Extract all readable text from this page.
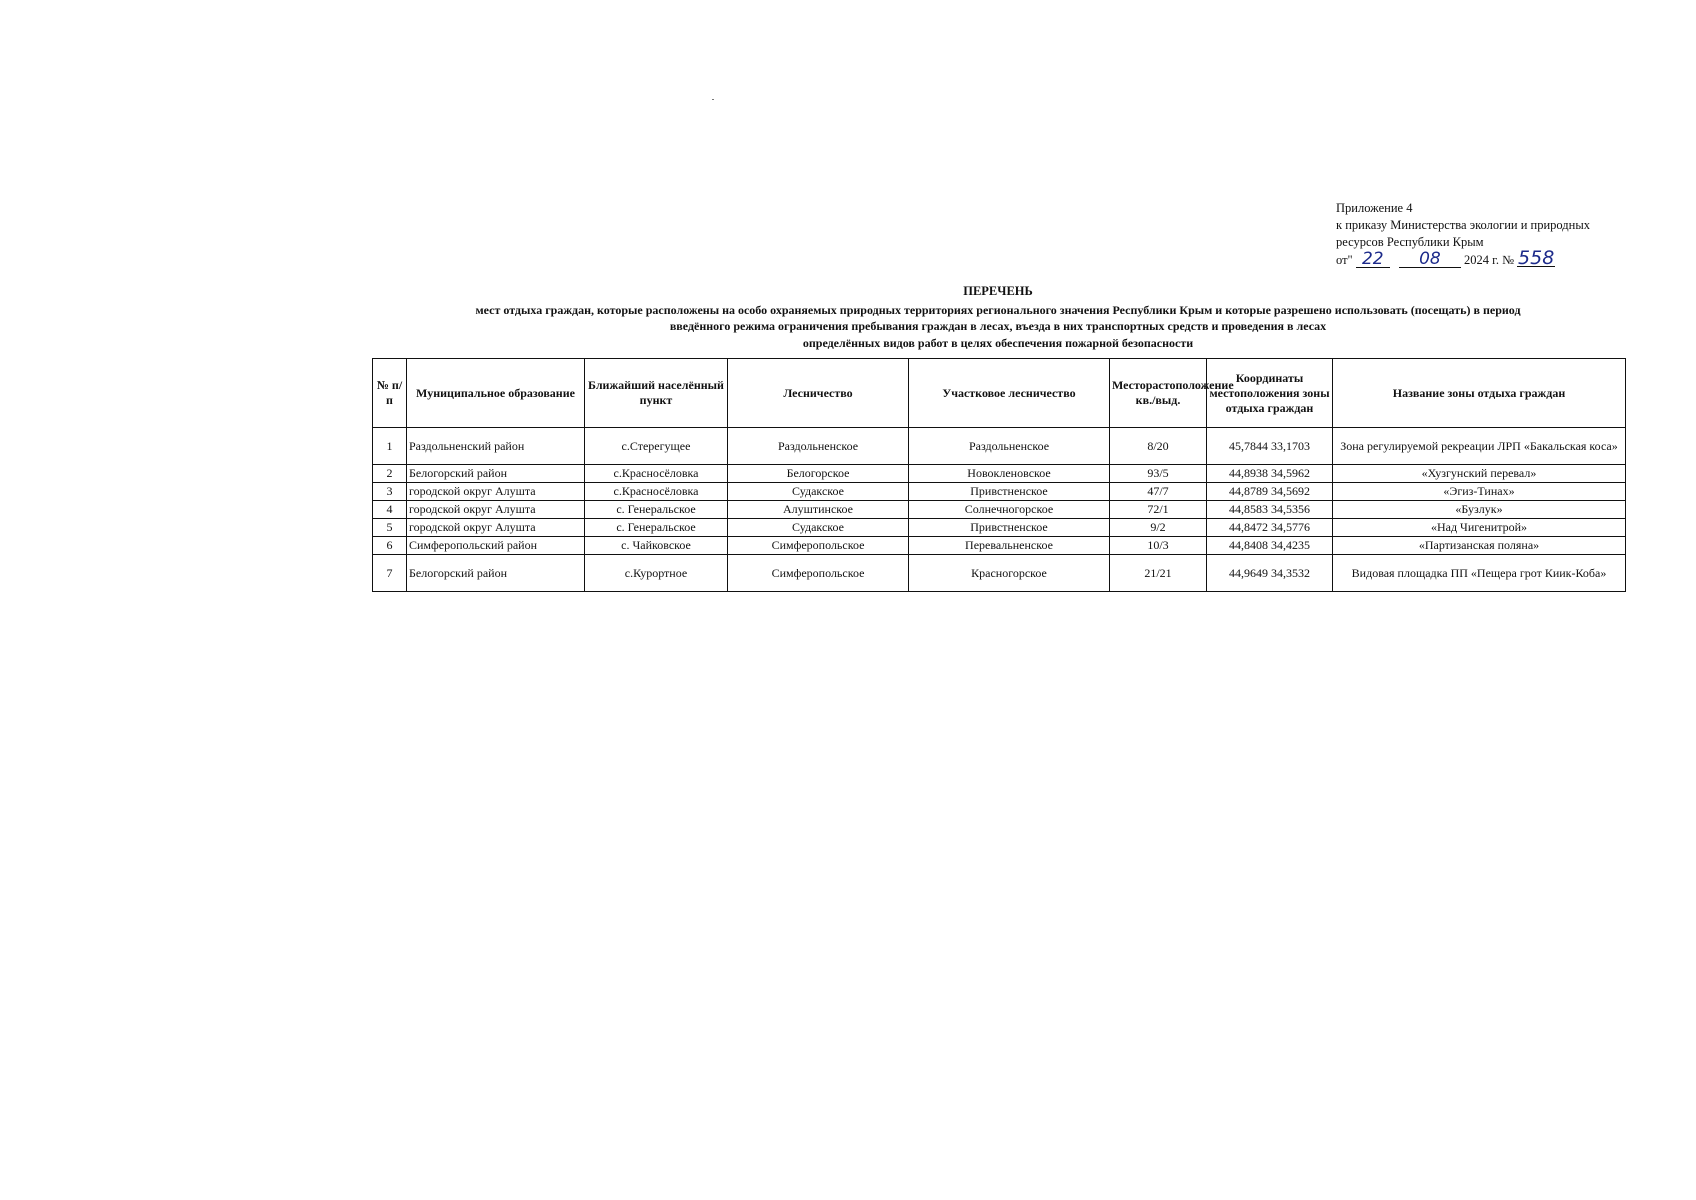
Приложение 4
к приказу Министерства экологии и природных
ресурсов Республики Крым
от" 22 08 2024 г. № 558
ПЕРЕЧЕНЬ
мест отдыха граждан, которые расположены на особо охраняемых природных территориях регионального значения Республики Крым и которые разрешено использовать (посещать) в период
введённого режима ограничения пребывания граждан в лесах, въезда в них транспортных средств и проведения в лесах
определённых видов работ в целях обеспечения пожарной безопасности
№ п/п	Муниципальное образование	Ближайший населённый пункт	Лесничество	Участковое лесничество	Месторастоположение кв./выд.	Координаты местоположения зоны отдыха граждан	Название зоны отдыха граждан
1	Раздольненский район	с.Стерегущее	Раздольненское	Раздольненское	8/20	45,7844 33,1703	Зона регулируемой рекреации ЛРП «Бакальская коса»
2	Белогорский район	с.Красносёловка	Белогорское	Новокленовское	93/5	44,8938 34,5962	«Хузгунский перевал»
3	городской округ Алушта	с.Красносёловка	Судакское	Привстненское	47/7	44,8789 34,5692	«Эгиз-Тинах»
4	городской округ Алушта	с. Генеральское	Алуштинское	Солнечногорское	72/1	44,8583 34,5356	«Бузлук»
5	городской округ Алушта	с. Генеральское	Судакское	Привстненское	9/2	44,8472 34,5776	«Над Чигенитрой»
6	Симферопольский район	с. Чайковское	Симферопольское	Перевальненское	10/3	44,8408 34,4235	«Партизанская поляна»
7	Белогорский район	с.Курортное	Симферопольское	Красногорское	21/21	44,9649 34,3532	Видовая площадка ПП «Пещера грот Киик-Коба»
